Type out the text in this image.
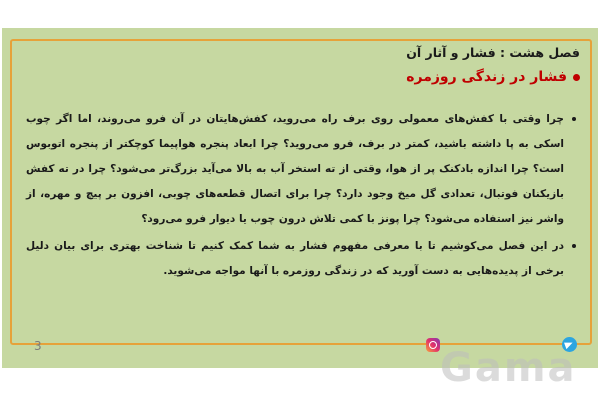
فصل هشت : فشار و آثار آن
فشار در زندگی روزمره
چرا وقتی با کفش‌های معمولی روی برف راه می‌روید، کفش‌هایتان در آن فرو می‌روند، اما اگر چوب اسکی به پا داشته باشید، کمتر در برف، فرو می‌روید؟ چرا ابعاد پنجره هواپیما کوچکتر از پنجره اتوبوس است؟ چرا اندازه بادکنک پر از هوا، وقتی از ته استخر آب به بالا می‌آید بزرگ‌تر می‌شود؟ چرا در ته کفش بازیکنان فوتبال، تعدادی گل میخ وجود دارد؟ چرا برای اتصال قطعه‌های چوبی، افزون بر پیچ و مهره، از واشر نیز استفاده می‌شود؟ چرا پونز با کمی تلاش درون چوب یا دیوار فرو می‌رود؟
در این فصل می‌کوشیم تا با معرفی مفهوم فشار به شما کمک کنیم تا شناخت بهتری برای بیان دلیل برخی از پدیده‌هایی به دست آورید که در زندگی روزمره با آنها مواجه می‌شوید.
3	Gama
